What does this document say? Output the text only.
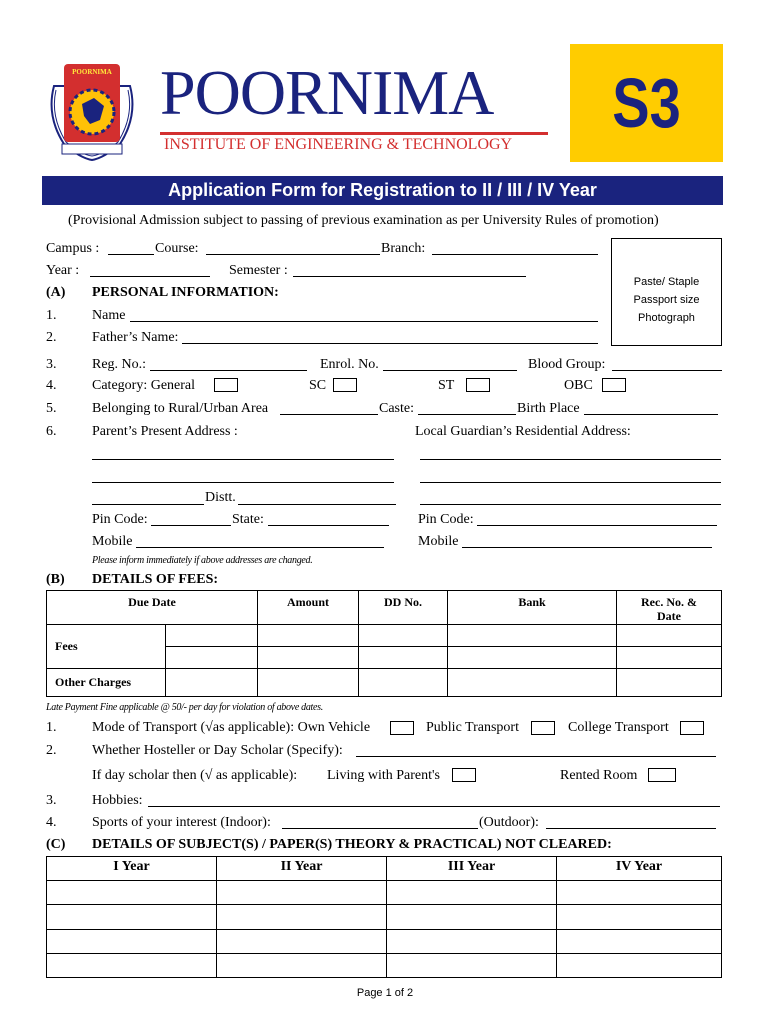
POORNIMA POORNIMA
INSTITUTE OF ENGINEERING & TECHNOLOGY
S3
Application Form for Registration to II / III / IV Year
(Provisional Admission subject to passing of previous examination as per University Rules of promotion)
Campus :	Course:	Branch:
Year :	Semester :
Paste/ Staple
Passport size
Photograph
(A) PERSONAL INFORMATION:
1.	Name
2.	Father’s Name:
3.	Reg. No.:	Enrol. No.	Blood Group:
4.	Category: General	SC	ST	OBC
5.	Belonging to Rural/Urban Area	Caste:	Birth Place
6.	Parent’s Present Address :	Local Guardian’s Residential Address:
Distt.
Pin Code:	State:	Pin Code:
Mobile	Mobile
Please inform immediately if above addresses are changed.
(B) DETAILS OF FEES:
Due Date		Amount	DD No.	Bank	Rec. No. & Date
Fees					

Other Charges					
Late Payment Fine applicable @ 50/- per day for violation of above dates.
1.	Mode of Transport (√as applicable): Own Vehicle	Public Transport	College Transport
2.	Whether Hosteller or Day Scholar (Specify):
If day scholar then (√ as applicable): Living with Parent's	Rented Room
3.	Hobbies:
4.	Sports of your interest (Indoor):	(Outdoor):
(C) DETAILS OF SUBJECT(S) / PAPER(S) THEORY & PRACTICAL) NOT CLEARED:
I Year	II Year	III Year	IV Year

Page 1 of 2
